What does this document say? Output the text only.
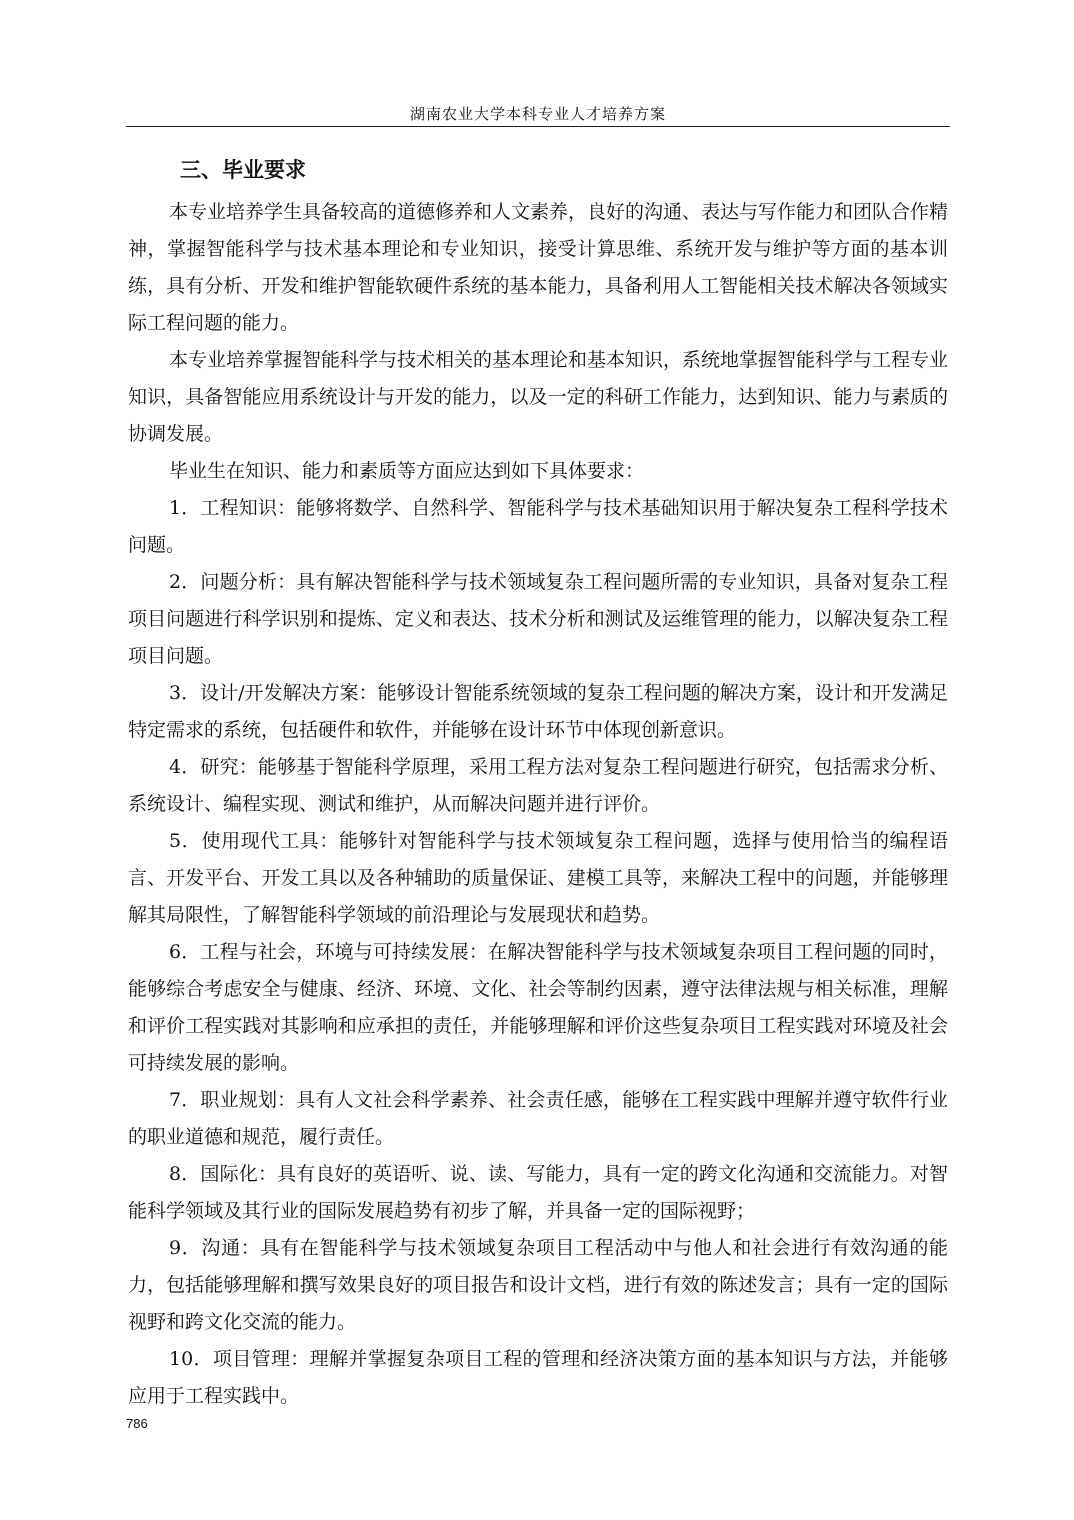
湖南农业大学本科专业人才培养方案
三、毕业要求

本专业培养学生具备较高的道德修养和人文素养，良好的沟通、表达与写作能力和团队合作精神，掌握智能科学与技术基本理论和专业知识，接受计算思维、系统开发与维护等方面的基本训练，具有分析、开发和维护智能软硬件系统的基本能力，具备利用人工智能相关技术解决各领域实际工程问题的能力。

本专业培养掌握智能科学与技术相关的基本理论和基本知识，系统地掌握智能科学与工程专业知识，具备智能应用系统设计与开发的能力，以及一定的科研工作能力，达到知识、能力与素质的协调发展。

毕业生在知识、能力和素质等方面应达到如下具体要求：

1．工程知识：能够将数学、自然科学、智能科学与技术基础知识用于解决复杂工程科学技术问题。

2．问题分析：具有解决智能科学与技术领域复杂工程问题所需的专业知识，具备对复杂工程项目问题进行科学识别和提炼、定义和表达、技术分析和测试及运维管理的能力，以解决复杂工程项目问题。

3．设计/开发解决方案：能够设计智能系统领域的复杂工程问题的解决方案，设计和开发满足特定需求的系统，包括硬件和软件，并能够在设计环节中体现创新意识。

4．研究：能够基于智能科学原理，采用工程方法对复杂工程问题进行研究，包括需求分析、系统设计、编程实现、测试和维护，从而解决问题并进行评价。

5．使用现代工具：能够针对智能科学与技术领域复杂工程问题，选择与使用恰当的编程语言、开发平台、开发工具以及各种辅助的质量保证、建模工具等，来解决工程中的问题，并能够理解其局限性，了解智能科学领域的前沿理论与发展现状和趋势。

6．工程与社会，环境与可持续发展：在解决智能科学与技术领域复杂项目工程问题的同时，能够综合考虑安全与健康、经济、环境、文化、社会等制约因素，遵守法律法规与相关标准，理解和评价工程实践对其影响和应承担的责任，并能够理解和评价这些复杂项目工程实践对环境及社会可持续发展的影响。

7．职业规划：具有人文社会科学素养、社会责任感，能够在工程实践中理解并遵守软件行业的职业道德和规范，履行责任。

8．国际化：具有良好的英语听、说、读、写能力，具有一定的跨文化沟通和交流能力。对智能科学领域及其行业的国际发展趋势有初步了解，并具备一定的国际视野；

9．沟通：具有在智能科学与技术领域复杂项目工程活动中与他人和社会进行有效沟通的能力，包括能够理解和撰写效果良好的项目报告和设计文档，进行有效的陈述发言；具有一定的国际视野和跨文化交流的能力。

10．项目管理：理解并掌握复杂项目工程的管理和经济决策方面的基本知识与方法，并能够应用于工程实践中。

786
